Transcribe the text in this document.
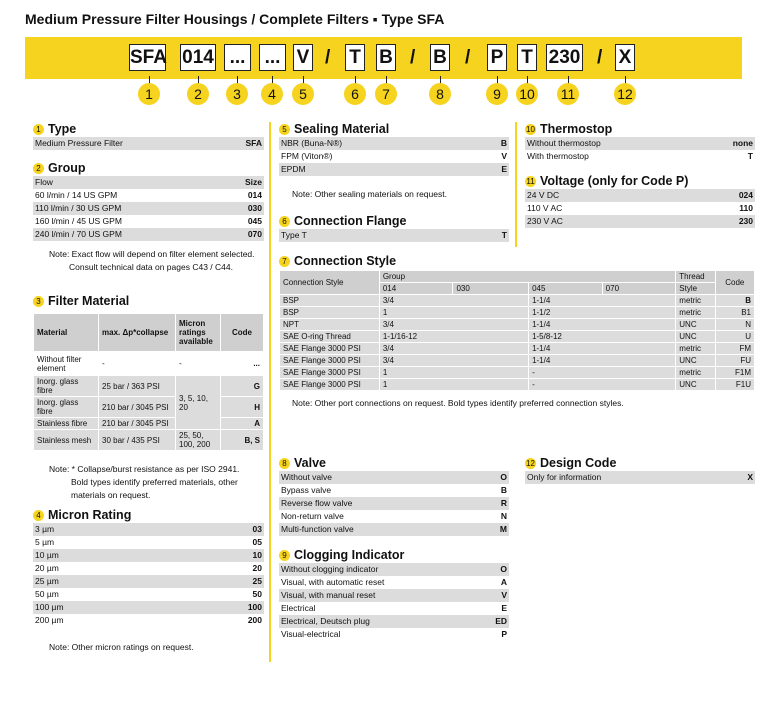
Medium Pressure Filter Housings / Complete Filters ▪ Type SFA
SFA 014 ... ... V / T B / B / P T 230 / X
1	2	3	4	5	6	7	8	9	10 11	12
1 Type
Medium Pressure Filter	SFA
2 Group
Flow	Size
60 l/min / 14 US GPM	014
110 l/min / 30 US GPM	030
160 l/min / 45 US GPM	045
240 l/min / 70 US GPM	070
Note: Exact flow will depend on filter element selected.
Consult technical data on pages C43 / C44.
3 Filter Material
Material	max. Δp*collapse	Micron ratings available	Code
Without filter element	-	-	...
Inorg. glass fibre	25 bar / 363 PSI	3, 5, 10, 20	G
Inorg. glass fibre	210 bar / 3045 PSI		H
Stainless fibre	210 bar / 3045 PSI		A
Stainless mesh	30 bar / 435 PSI	25, 50, 100, 200	B, S
Note: * Collapse/burst resistance as per ISO 2941.
Bold types identify preferred materials, other
materials on request.
4 Micron Rating
3 µm	03
5 µm	05
10 µm	10
20 µm	20
25 µm	25
50 µm	50
100 µm	100
200 µm	200
Note: Other micron ratings on request.
5 Sealing Material
NBR (Buna-N®)	B
FPM (Viton®)	V
EPDM	E
Note: Other sealing materials on request.
6 Connection Flange
Type T	T
7 Connection Style
Connection Style	Group				Thread	Code
	014	030	045	070	Style	
BSP	3/4		1-1/4		metric	B
BSP	1		1-1/2		metric	B1
NPT	3/4		1-1/4		UNC	N
SAE O-ring Thread	1-1/16-12		1-5/8-12		UNC	U
SAE Flange 3000 PSI	3/4		1-1/4		metric	FM
SAE Flange 3000 PSI	3/4		1-1/4		UNC	FU
SAE Flange 3000 PSI	1		-		metric	F1M
SAE Flange 3000 PSI	1		-		UNC	F1U
Note: Other port connections on request. Bold types identify preferred connection styles.
8 Valve
Without valve	O
Bypass valve	B
Reverse flow valve	R
Non-return valve	N
Multi-function valve	M
9 Clogging Indicator
Without clogging indicator	O
Visual, with automatic reset	A
Visual, with manual reset	V
Electrical	E
Electrical, Deutsch plug	ED
Visual-electrical	P
10 Thermostop
Without thermostop	none
With thermostop	T
11 Voltage (only for Code P)
24 V DC	024
110 V AC	110
230 V AC	230
12 Design Code
Only for information	X
